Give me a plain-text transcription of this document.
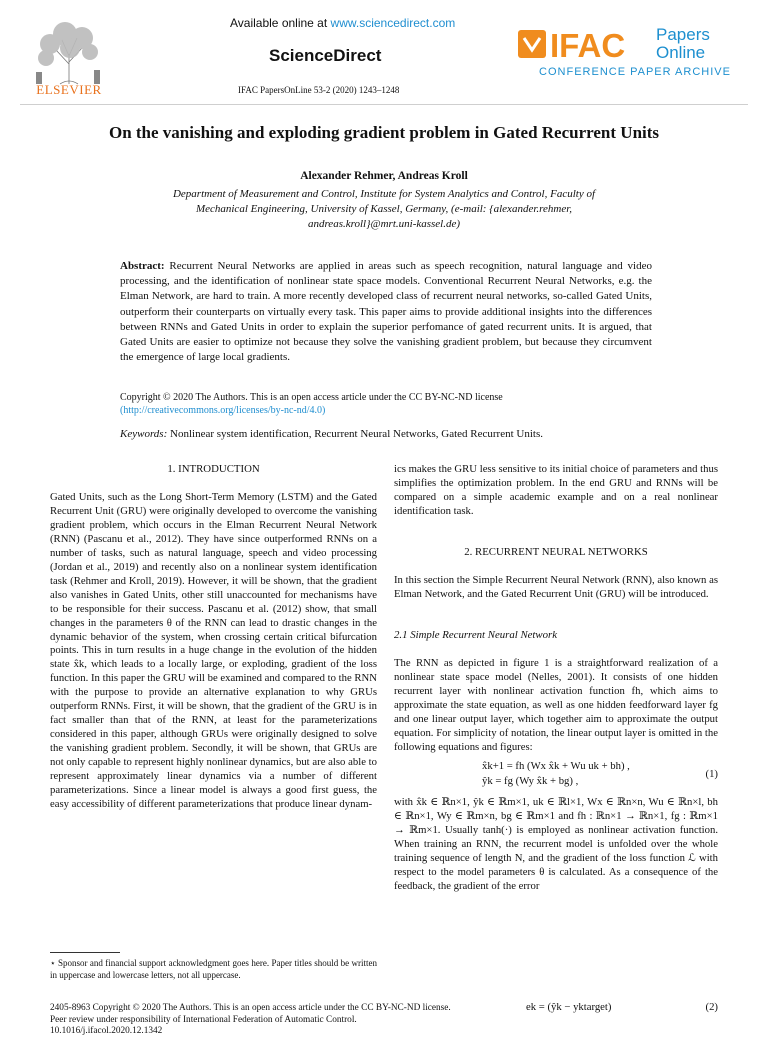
ELSEVIER
Available online at www.sciencedirect.com
ScienceDirect
IFAC PapersOnLine 53-2 (2020) 1243–1248
IFAC Papers
Online
CONFERENCE PAPER ARCHIVE
On the vanishing and exploding gradient problem in Gated Recurrent Units
Alexander Rehmer, Andreas Kroll
Department of Measurement and Control, Institute for System Analytics and Control, Faculty of Mechanical Engineering, University of Kassel, Germany, (e-mail: {alexander.rehmer, andreas.kroll}@mrt.uni-kassel.de)
Abstract: Recurrent Neural Networks are applied in areas such as speech recognition, natural language and video processing, and the identification of nonlinear state space models. Conventional Recurrent Neural Networks, e.g. the Elman Network, are hard to train. A more recently developed class of recurrent neural networks, so-called Gated Units, outperform their counterparts on virtually every task. This paper aims to provide additional insights into the differences between RNNs and Gated Units in order to explain the superior perfomance of gated recurrent units. It is argued, that Gated Units are easier to optimize not because they solve the vanishing gradient problem, but because they circumvent the emergence of large local gradients.
Copyright © 2020 The Authors. This is an open access article under the CC BY-NC-ND license
(http://creativecommons.org/licenses/by-nc-nd/4.0)
Keywords: Nonlinear system identification, Recurrent Neural Networks, Gated Recurrent Units.
1. INTRODUCTION
Gated Units, such as the Long Short-Term Memory (LSTM) and the Gated Recurrent Unit (GRU) were originally developed to overcome the vanishing gradient problem, which occurs in the Elman Recurrent Neural Network (RNN) (Pascanu et al., 2012). They have since outperformed RNNs on a number of tasks, such as natural language, speech and video processing (Jordan et al., 2019) and recently also on a nonlinear system identification task (Rehmer and Kroll, 2019). However, it will be shown, that the gradient also vanishes in Gated Units, other still unaccounted for mechanisms have to be responsible for their success. Pascanu et al. (2012) show, that small changes in the parameters θ of the RNN can lead to drastic changes in the dynamic behavior of the system, when crossing certain critical bifurcation points. This in turn results in a huge change in the evolution of the hidden state x̂k, which leads to a locally large, or exploding, gradient of the loss function. In this paper the GRU will be examined and compared to the RNN with the purpose to provide an alternative explanation to why GRUs outperform RNNs. First, it will be shown, that the gradient of the GRU is in fact smaller than that of the RNN, at least for the parameterizations considered in this paper, although GRUs were originally designed to solve the vanishing gradient problem. Secondly, it will be shown, that GRUs are not only capable to represent highly nonlinear dynamics, but are also able to represent approximately linear dynamics via a number of different parameterizations. Since a linear model is always a good first guess, the easy accessibility of different parameterizations that produce linear dynam-
⋆ Sponsor and financial support acknowledgment goes here. Paper titles should be written in uppercase and lowercase letters, not all uppercase.
ics makes the GRU less sensitive to its initial choice of parameters and thus simplifies the optimization problem. In the end GRU and RNNs will be compared on a simple academic example and on a real nonlinear identification task.
2. RECURRENT NEURAL NETWORKS
In this section the Simple Recurrent Neural Network (RNN), also known as Elman Network, and the Gated Recurrent Unit (GRU) will be introduced.
2.1 Simple Recurrent Neural Network
The RNN as depicted in figure 1 is a straightforward realization of a nonlinear state space model (Nelles, 2001). It consists of one hidden recurrent layer with nonlinear activation function fh, which aims to approximate the state equation, as well as one hidden feedforward layer fg and one linear output layer, which together aim to approximate the output equation. For simplicity of notation, the linear output layer is omitted in the following equations and figures:
x̂k+1 = fh (Wx x̂k + Wu uk + bh) ,
ŷk = fg (Wy x̂k + bg) ,
(1)
with x̂k ∈ ℝn×1, ŷk ∈ ℝm×1, uk ∈ ℝl×1, Wx ∈ ℝn×n, Wu ∈ ℝn×l, bh ∈ ℝn×1, Wy ∈ ℝm×n, bg ∈ ℝm×1 and fh : ℝn×1 → ℝn×1, fg : ℝm×1 → ℝm×1. Usually tanh(·) is employed as nonlinear activation function. When training an RNN, the recurrent model is unfolded over the whole training sequence of length N, and the gradient of the loss function ℒ with respect to the model parameters θ is calculated. As a consequence of the feedback, the gradient of the error
ek = (ŷk − yktarget)	(2)
2405-8963 Copyright © 2020 The Authors. This is an open access article under the CC BY-NC-ND license.
Peer review under responsibility of International Federation of Automatic Control.
10.1016/j.ifacol.2020.12.1342
